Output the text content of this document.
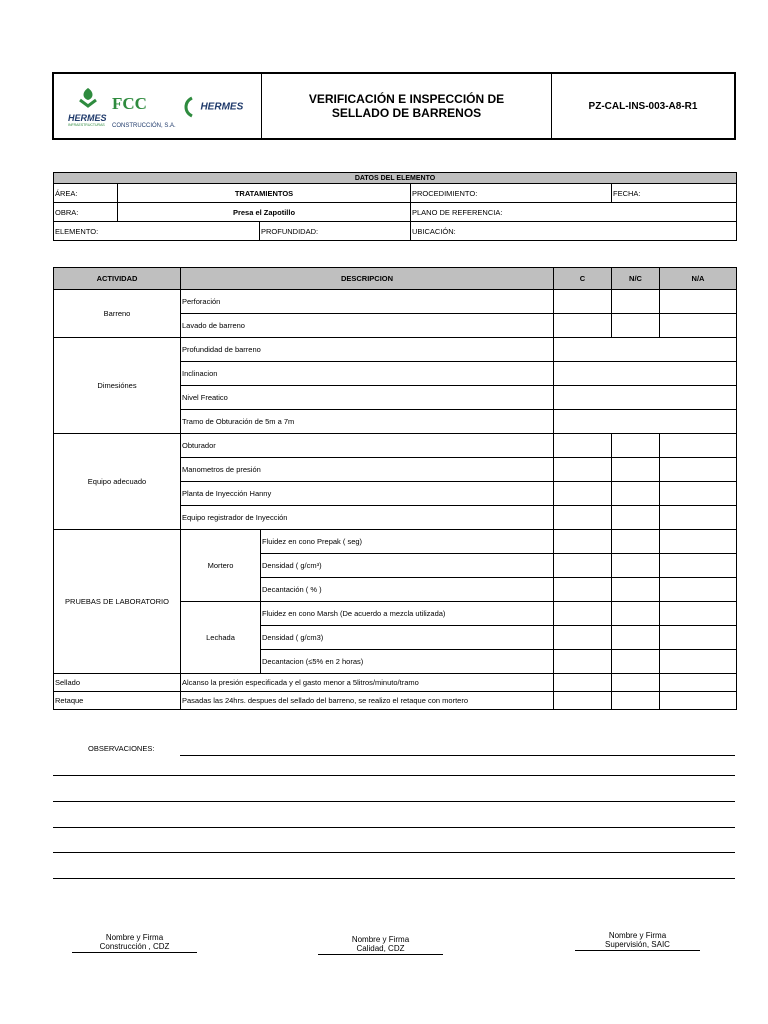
HERMES
INFRAESTRUCTURAS
FCC CONSTRUCCIÓN, S.A.
HERMES
VERIFICACIÓN E INSPECCIÓN DE SELLADO DE BARRENOS	PZ-CAL-INS-003-A8-R1
DATOS DEL ELEMENTO				
ÁREA:	TRATAMIENTOS		PROCEDIMIENTO:	FECHA:
OBRA:	Presa el Zapotillo		PLANO DE REFERENCIA:	
ELEMENTO:		PROFUNDIDAD:	UBICACIÓN:	
ACTIVIDAD	DESCRIPCION		C	N/C	N/A
Barreno	Perforación				
	Lavado de barreno				
Dimesiónes	Profundidad de barreno				
	Inclinacion				
	Nivel Freatico				
	Tramo de Obturación de 5m a 7m				
Equipo adecuado	Obturador				
	Manometros de presión				
	Planta de Inyección Hanny				
	Equipo registrador de Inyección				
PRUEBAS DE LABORATORIO	Mortero	Fluidez en cono Prepak ( seg)			
		Densidad ( g/cm³)			
		Decantación ( % )			
	Lechada	Fluidez en cono Marsh (De acuerdo a mezcla utilizada)			
		Densidad ( g/cm3)			
		Decantacion (≤5% en 2 horas)			
Sellado	Alcanso la presión especificada y el gasto menor a 5litros/minuto/tramo				
Retaque	Pasadas las 24hrs. despues del sellado del barreno, se realizo el retaque con mortero				
OBSERVACIONES:
Nombre y Firma
Construcción , CDZ
Nombre y Firma
Calidad, CDZ
Nombre y Firma
Supervisión, SAIC
